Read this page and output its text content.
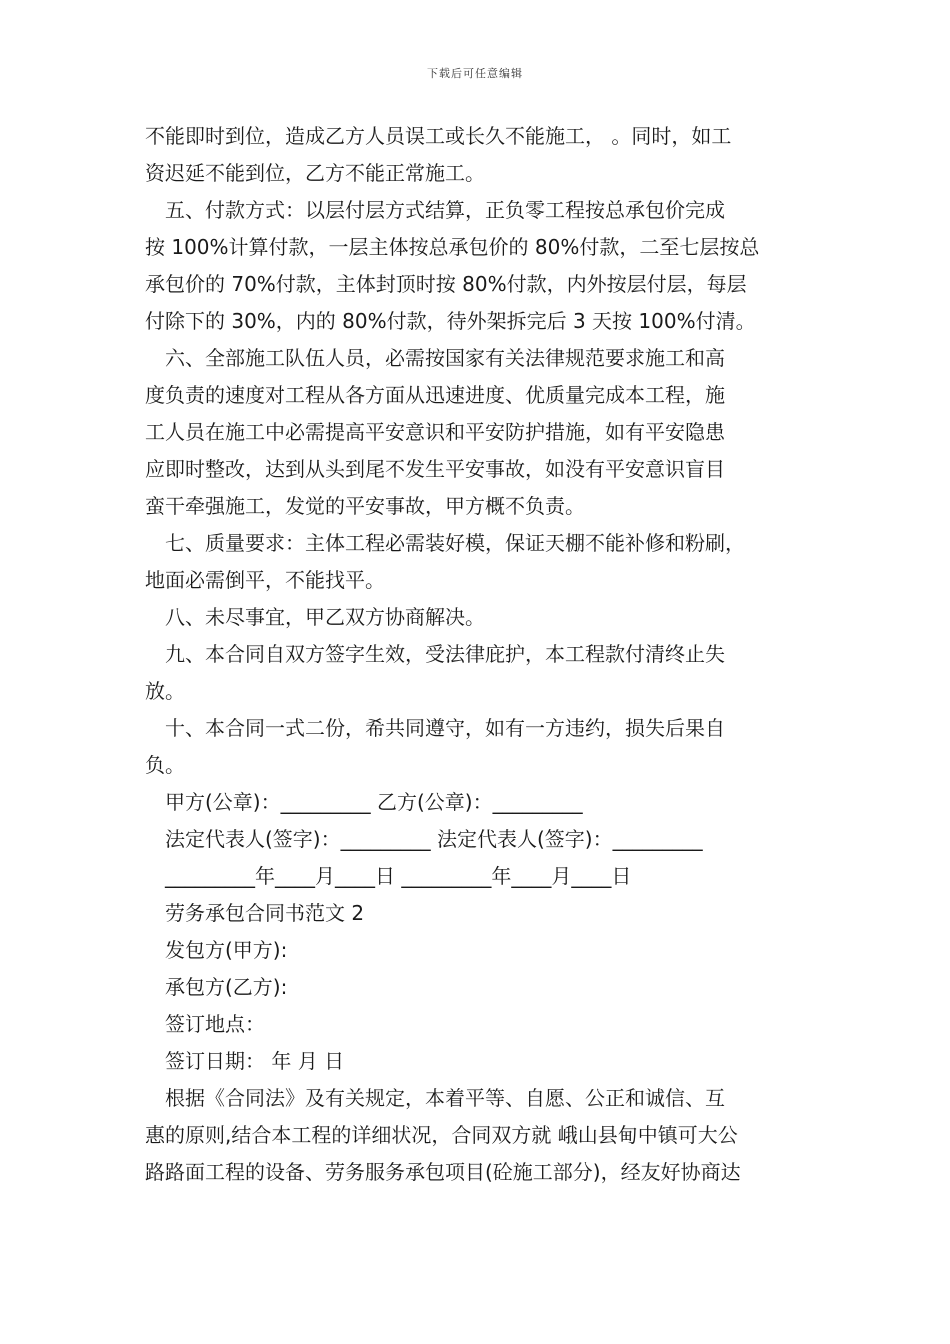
下载后可任意编辑
不能即时到位，造成乙方人员误工或长久不能施工， 。同时，如工
资迟延不能到位，乙方不能正常施工。
五、付款方式：以层付层方式结算，正负零工程按总承包价完成
按 100%计算付款，一层主体按总承包价的 80%付款，二至七层按总
承包价的 70%付款，主体封顶时按 80%付款，内外按层付层，每层
付除下的 30%，内的 80%付款，待外架拆完后 3 天按 100%付清。
六、全部施工队伍人员，必需按国家有关法律规范要求施工和高
度负责的速度对工程从各方面从迅速进度、优质量完成本工程，施
工人员在施工中必需提高平安意识和平安防护措施，如有平安隐患
应即时整改，达到从头到尾不发生平安事故，如没有平安意识盲目
蛮干牵强施工，发觉的平安事故，甲方概不负责。
七、质量要求：主体工程必需装好模，保证天棚不能补修和粉刷，
地面必需倒平，不能找平。
八、未尽事宜，甲乙双方协商解决。
九、本合同自双方签字生效，受法律庇护，本工程款付清终止失
放。
十、本合同一式二份，希共同遵守，如有一方违约，损失后果自
负。
甲方(公章)：_________ 乙方(公章)：_________
法定代表人(签字)：_________ 法定代表人(签字)：_________
_________年____月____日 _________年____月____日
劳务承包合同书范文 2
发包方(甲方):
承包方(乙方):
签订地点：
签订日期： 年 月 日
根据《合同法》及有关规定，本着平等、自愿、公正和诚信、互
惠的原则,结合本工程的详细状况，合同双方就 峨山县甸中镇可大公
路路面工程的设备、劳务服务承包项目(砼施工部分)，经友好协商达
